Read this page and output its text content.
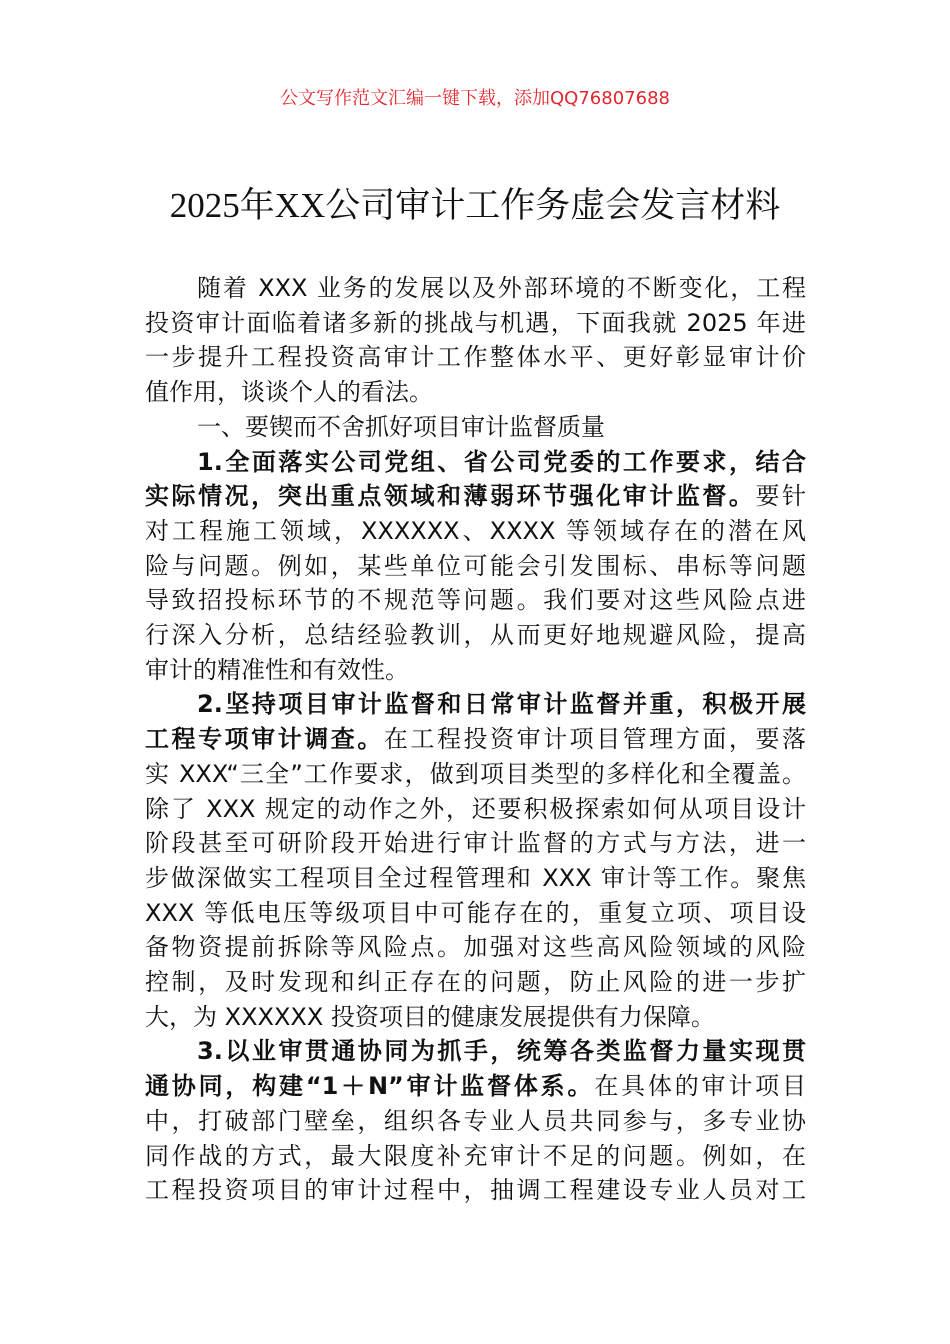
公文写作范文汇编一键下载，添加QQ76807688
2025年XX公司审计工作务虚会发言材料
随着 XXX 业务的发展以及外部环境的不断变化，工程
投资审计面临着诸多新的挑战与机遇，下面我就 2025 年进
一步提升工程投资高审计工作整体水平、更好彰显审计价
值作用，谈谈个人的看法。
一、要锲而不舍抓好项目审计监督质量
1.全面落实公司党组、省公司党委的工作要求，结合
实际情况，突出重点领域和薄弱环节强化审计监督。要针
对工程施工领域，XXXXXX、XXXX 等领域存在的潜在风
险与问题。例如，某些单位可能会引发围标、串标等问题
导致招投标环节的不规范等问题。我们要对这些风险点进
行深入分析，总结经验教训，从而更好地规避风险，提高
审计的精准性和有效性。
2.坚持项目审计监督和日常审计监督并重，积极开展
工程专项审计调查。在工程投资审计项目管理方面，要落
实 XXX“三全”工作要求，做到项目类型的多样化和全覆盖。
除了 XXX 规定的动作之外，还要积极探索如何从项目设计
阶段甚至可研阶段开始进行审计监督的方式与方法，进一
步做深做实工程项目全过程管理和 XXX 审计等工作。聚焦
XXX 等低电压等级项目中可能存在的，重复立项、项目设
备物资提前拆除等风险点。加强对这些高风险领域的风险
控制，及时发现和纠正存在的问题，防止风险的进一步扩
大，为 XXXXXX 投资项目的健康发展提供有力保障。
3.以业审贯通协同为抓手，统筹各类监督力量实现贯
通协同，构建“1＋N”审计监督体系。在具体的审计项目
中，打破部门壁垒，组织各专业人员共同参与，多专业协
同作战的方式，最大限度补充审计不足的问题。例如，在
工程投资项目的审计过程中，抽调工程建设专业人员对工
